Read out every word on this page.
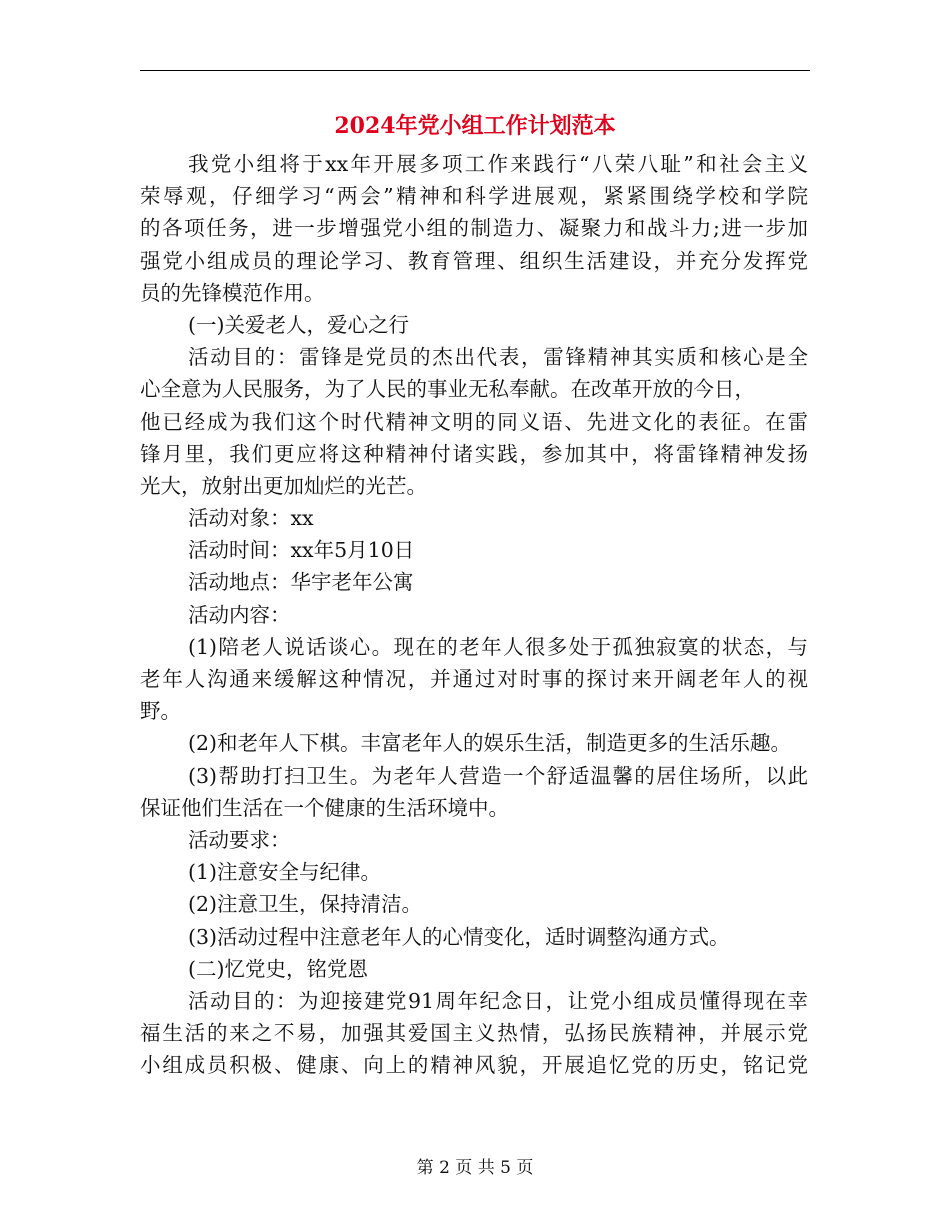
2024年党小组工作计划范本
我党小组将于xx年开展多项工作来践行“八荣八耻”和社会主义
荣辱观，仔细学习“两会”精神和科学进展观，紧紧围绕学校和学院
的各项任务，进一步增强党小组的制造力、凝聚力和战斗力;进一步加
强党小组成员的理论学习、教育管理、组织生活建设，并充分发挥党
员的先锋模范作用。
(一)关爱老人，爱心之行
活动目的：雷锋是党员的杰出代表，雷锋精神其实质和核心是全
心全意为人民服务，为了人民的事业无私奉献。在改革开放的今日，
他已经成为我们这个时代精神文明的同义语、先进文化的表征。在雷
锋月里，我们更应将这种精神付诸实践，参加其中，将雷锋精神发扬
光大，放射出更加灿烂的光芒。
活动对象：xx
活动时间：xx年5月10日
活动地点：华宇老年公寓
活动内容：
(1)陪老人说话谈心。现在的老年人很多处于孤独寂寞的状态，与
老年人沟通来缓解这种情况，并通过对时事的探讨来开阔老年人的视
野。
(2)和老年人下棋。丰富老年人的娱乐生活，制造更多的生活乐趣。
(3)帮助打扫卫生。为老年人营造一个舒适温馨的居住场所，以此
保证他们生活在一个健康的生活环境中。
活动要求：
(1)注意安全与纪律。
(2)注意卫生，保持清洁。
(3)活动过程中注意老年人的心情变化，适时调整沟通方式。
(二)忆党史，铭党恩
活动目的：为迎接建党91周年纪念日，让党小组成员懂得现在幸
福生活的来之不易，加强其爱国主义热情，弘扬民族精神，并展示党
小组成员积极、健康、向上的精神风貌，开展追忆党的历史，铭记党
第 2 页 共 5 页
